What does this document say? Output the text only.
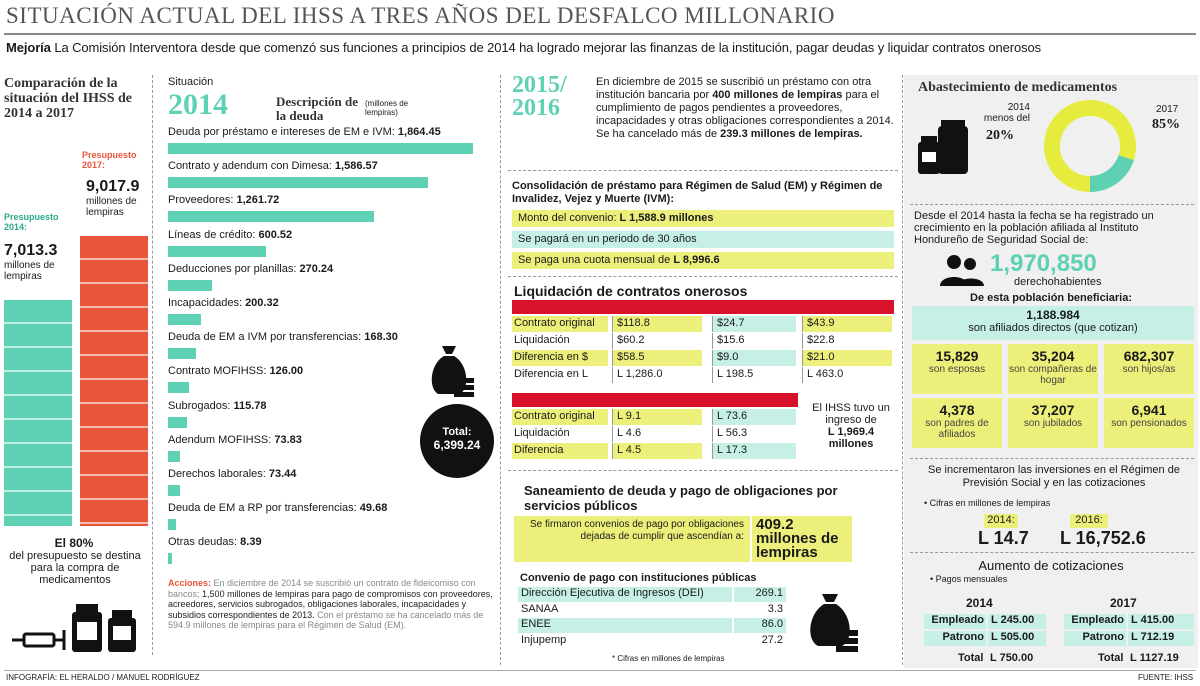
SITUACIÓN ACTUAL DEL IHSS A TRES AÑOS DEL DESFALCO MILLONARIO
Mejoría La Comisión Interventora desde que comenzó sus funciones a principios de 2014 ha logrado mejorar las finanzas de la institución, pagar deudas y liquidar contratos onerosos
Comparación de la situación del IHSS de 2014 a 2017
Presupuesto 2017:
9,017.9
millones de lempiras
Presupuesto 2014:
7,013.3
millones de lempiras
El 80%
del presupuesto se destina para la compra de medicamentos
Situación
2014	Descripción de la deuda
(millones de lempiras)
Total:
6,399.24
Acciones: En diciembre de 2014 se suscribió un contrato de fideicomiso con bancos; 1,500 millones de lempiras para pago de compromisos con proveedores, acreedores, servicios subrogados, obligaciones laborales, incapacidades y subsidios correspondientes de 2013. Con el préstamo se ha cancelado más de 594.9 millones de lempiras para el Régimen de Salud (EM).
2015/ 2016
En diciembre de 2015 se suscribió un préstamo con otra institución bancaria por 400 millones de lempiras para el cumplimiento de pagos pendientes a proveedores, incapacidades y otras obligaciones correspondientes a 2014. Se ha cancelado más de 239.3 millones de lempiras.
Consolidación de préstamo para Régimen de Salud (EM) y Régimen de Invalidez, Vejez y Muerte (IVM):
Monto del convenio: L 1,588.9 millones
Se pagará en un periodo de 30 años
Se paga una cuota mensual de L 8,996.6
Liquidación de contratos onerosos
El IHSS tuvo un ingreso de
L 1,969.4 millones
Saneamiento de deuda y pago de obligaciones por servicios públicos
Se firmaron convenios de pago por obligaciones dejadas de cumplir que ascendían a:
409.2 millones de lempiras
Convenio de pago con instituciones públicas
* Cifras en millones de lempiras
Abastecimiento de medicamentos
2014
menos del
20%
2017
85%
Desde el 2014 hasta la fecha se ha registrado un crecimiento en la población afiliada al Instituto Hondureño de Seguridad Social de:
1,970,850
derechohabientes
De esta población beneficiaria:
1,188.984
son afiliados directos (que cotizan)
Se incrementaron las inversiones en el Régimen de Previsión Social y en las cotizaciones
• Cifras en millones de lempiras
2014:
L 14.7
2016:
L 16,752.6
Aumento de cotizaciones
• Pagos mensuales
2014	2017
Total L 750.00	Total L 1127.19
INFOGRAFÍA: EL HERALDO / MANUEL RODRÍGUEZ	FUENTE: IHSS
Deuda por préstamo e intereses de EM e IVM: 1,864.45
Contrato y adendum con Dimesa: 1,586.57
Proveedores: 1,261.72
Líneas de crédito: 600.52
Deducciones por planillas: 270.24
Incapacidades: 200.32
Deuda de EM a IVM por transferencias: 168.30
Contrato MOFIHSS: 126.00
Subrogados: 115.78
Adendum MOFIHSS: 73.83
Derechos laborales: 73.44
Deuda de EM a RP por transferencias: 49.68
Otras deudas: 8.39
Contrato original	$118.8	$24.7	$43.9
Liquidación	$60.2	$15.6	$22.8
Diferencia en $	$58.5	$9.0	$21.0
Diferencia en L	L 1,286.0	L 198.5	L 463.0
Contrato original	L 9.1	L 73.6
Liquidación	L 4.6	L 56.3
Diferencia	L 4.5	L 17.3
Dirección Ejecutiva de Ingresos (DEI)	269.1
SANAA	3.3
ENEE	86.0
Injupemp	27.2
15,829
son esposas
35,204
son compañeras de hogar
682,307
son hijos/as
4,378
son padres de afiliados
37,207
son jubilados
6,941
son pensionados
Empleado L 245.00
Patrono L 505.00
Empleado L 415.00
Patrono L 712.19
